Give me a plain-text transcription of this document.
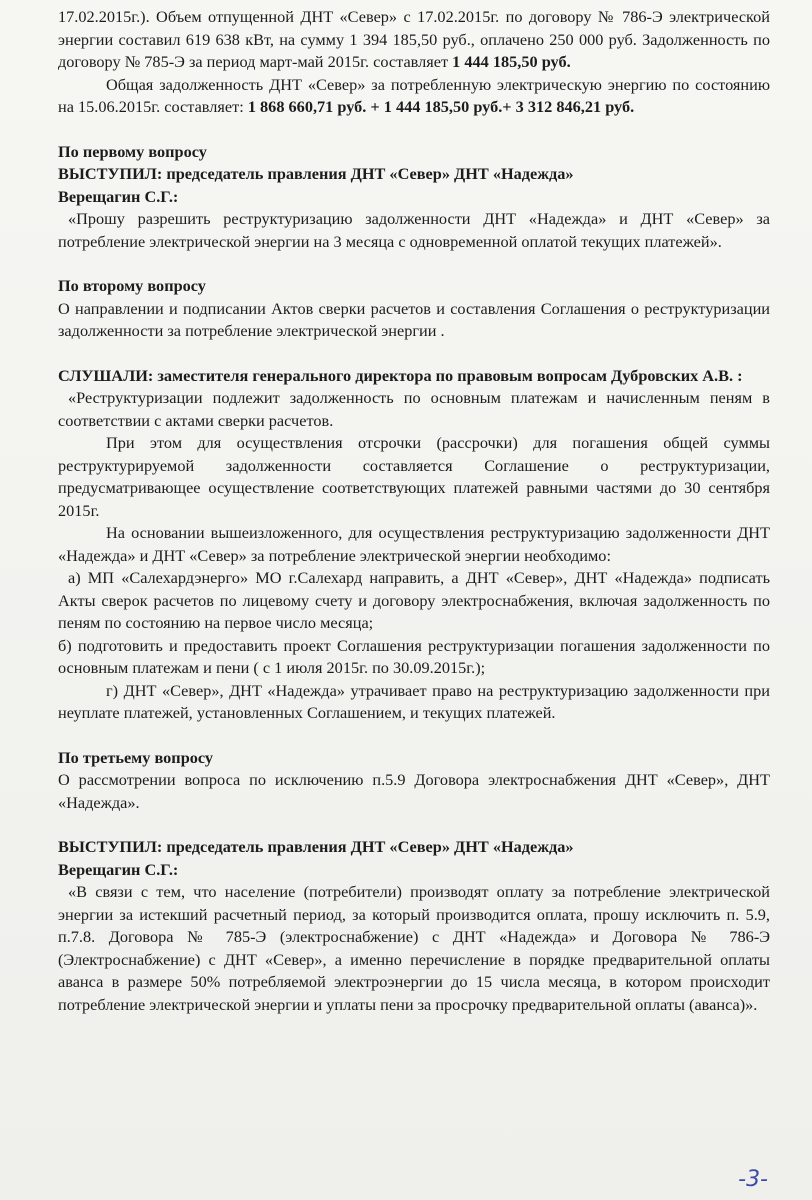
17.02.2015г.). Объем отпущенной ДНТ «Север» с 17.02.2015г. по договору № 786-Э электрической энергии составил 619 638 кВт, на сумму 1 394 185,50 руб., оплачено 250 000 руб. Задолженность по договору № 785-Э за период март-май 2015г. составляет 1 444 185,50 руб.

Общая задолженность ДНТ «Север» за потребленную электрическую энергию по состоянию на 15.06.2015г. составляет: 1 868 660,71 руб. + 1 444 185,50 руб.+ 3 312 846,21 руб.

По первому вопросу

ВЫСТУПИЛ: председатель правления ДНТ «Север» ДНТ «Надежда»

Верещагин С.Г.:

«Прошу разрешить реструктуризацию задолженности ДНТ «Надежда» и ДНТ «Север» за потребление электрической энергии на 3 месяца с одновременной оплатой текущих платежей».

По второму вопросу

О направлении и подписании Актов сверки расчетов и составления Соглашения о реструктуризации задолженности за потребление электрической энергии .

СЛУШАЛИ: заместителя генерального директора по правовым вопросам Дубровских А.В. :

«Реструктуризации подлежит задолженность по основным платежам и начисленным пеням в соответствии с актами сверки расчетов.

При этом для осуществления отсрочки (рассрочки) для погашения общей суммы реструктурируемой задолженности составляется Соглашение о реструктуризации, предусматривающее осуществление соответствующих платежей равными частями до 30 сентября 2015г.

На основании вышеизложенного, для осуществления реструктуризацию задолженности ДНТ «Надежда» и ДНТ «Север» за потребление электрической энергии необходимо:

а) МП «Салехардэнерго» МО г.Салехард направить, а ДНТ «Север», ДНТ «Надежда» подписать Акты сверок расчетов по лицевому счету и договору электроснабжения, включая задолженность по пеням по состоянию на первое число месяца;

б) подготовить и предоставить проект Соглашения реструктуризации погашения задолженности по основным платежам и пени ( с 1 июля 2015г. по 30.09.2015г.);

г) ДНТ «Север», ДНТ «Надежда» утрачивает право на реструктуризацию задолженности при неуплате платежей, установленных Соглашением, и текущих платежей.

По третьему вопросу

О рассмотрении вопроса по исключению п.5.9 Договора электроснабжения ДНТ «Север», ДНТ «Надежда».

ВЫСТУПИЛ: председатель правления ДНТ «Север» ДНТ «Надежда»

Верещагин С.Г.:

«В связи с тем, что население (потребители) производят оплату за потребление электрической энергии за истекший расчетный период, за который производится оплата, прошу исключить п. 5.9, п.7.8. Договора № 785-Э (электроснабжение) с ДНТ «Надежда» и Договора № 786-Э (Электроснабжение) с ДНТ «Север», а именно перечисление в порядке предварительной оплаты аванса в размере 50% потребляемой электроэнергии до 15 числа месяца, в котором происходит потребление электрической энергии и уплаты пени за просрочку предварительной оплаты (аванса)».

-3-
